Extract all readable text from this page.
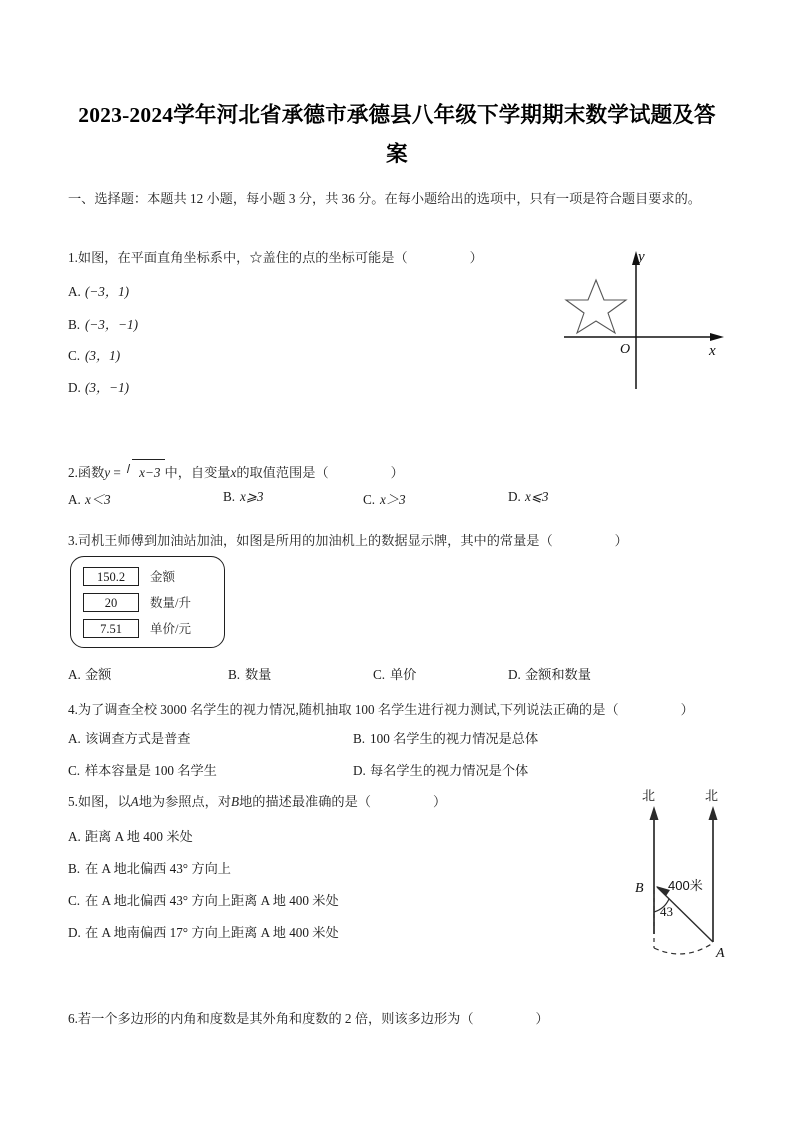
2023-2024学年河北省承德市承德县八年级下学期期末数学试题及答案
一、选择题：本题共 12 小题，每小题 3 分，共 36 分。在每小题给出的选项中，只有一项是符合题目要求的。
1.如图，在平面直角坐标系中，☆盖住的点的坐标可能是（	）
A. (−3，1)
B. (−3，−1)
C. (3，1)
D. (3，−1)
y
x
O
2.函数y = x−3 中，自变量x的取值范围是（	）
A. x＜3	B. x⩾3	C. x＞3	D. x⩽3
3.司机王师傅到加油站加油，如图是所用的加油机上的数据显示牌，其中的常量是（	）
150.2	金额
20	数量/升
7.51	单价/元
A. 金额	B. 数量	C. 单价	D. 金额和数量
4.为了调查全校 3000 名学生的视力情况,随机抽取 100 名学生进行视力测试,下列说法正确的是（	）
A. 该调查方式是普查	B. 100 名学生的视力情况是总体
C. 样本容量是 100 名学生	D. 每名学生的视力情况是个体
5.如图，以A地为参照点，对B地的描述最准确的是（	）
A. 距离 A 地 400 米处
B. 在 A 地北偏西 43° 方向上
C. 在 A 地北偏西 43° 方向上距离 A 地 400 米处
D. 在 A 地南偏西 17° 方向上距离 A 地 400 米处
北	北
B
A
400米
43
6.若一个多边形的内角和度数是其外角和度数的 2 倍，则该多边形为（	）
